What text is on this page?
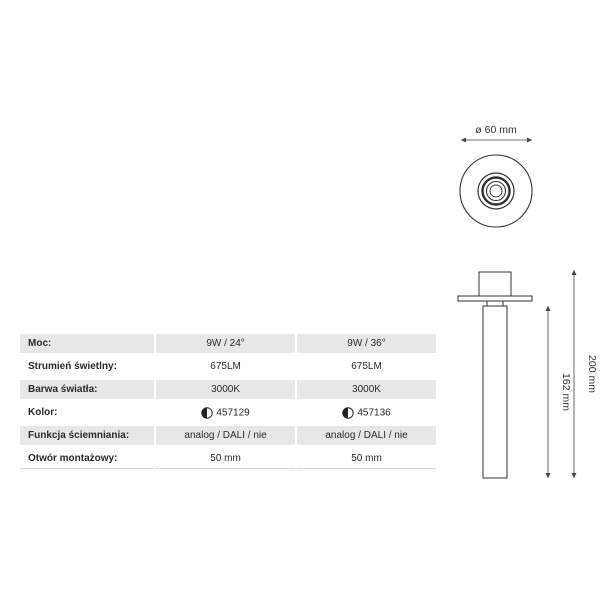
ø 60 mm
162 mm 200 mm
Moc:	9W / 24°	9W / 36°
Strumień świetlny:	675LM	675LM
Barwa światła:	3000K	3000K
Kolor:	457129	457136
Funkcja ściemniania:	analog / DALI / nie	analog / DALI / nie
Otwór montażowy:	50 mm	50 mm
